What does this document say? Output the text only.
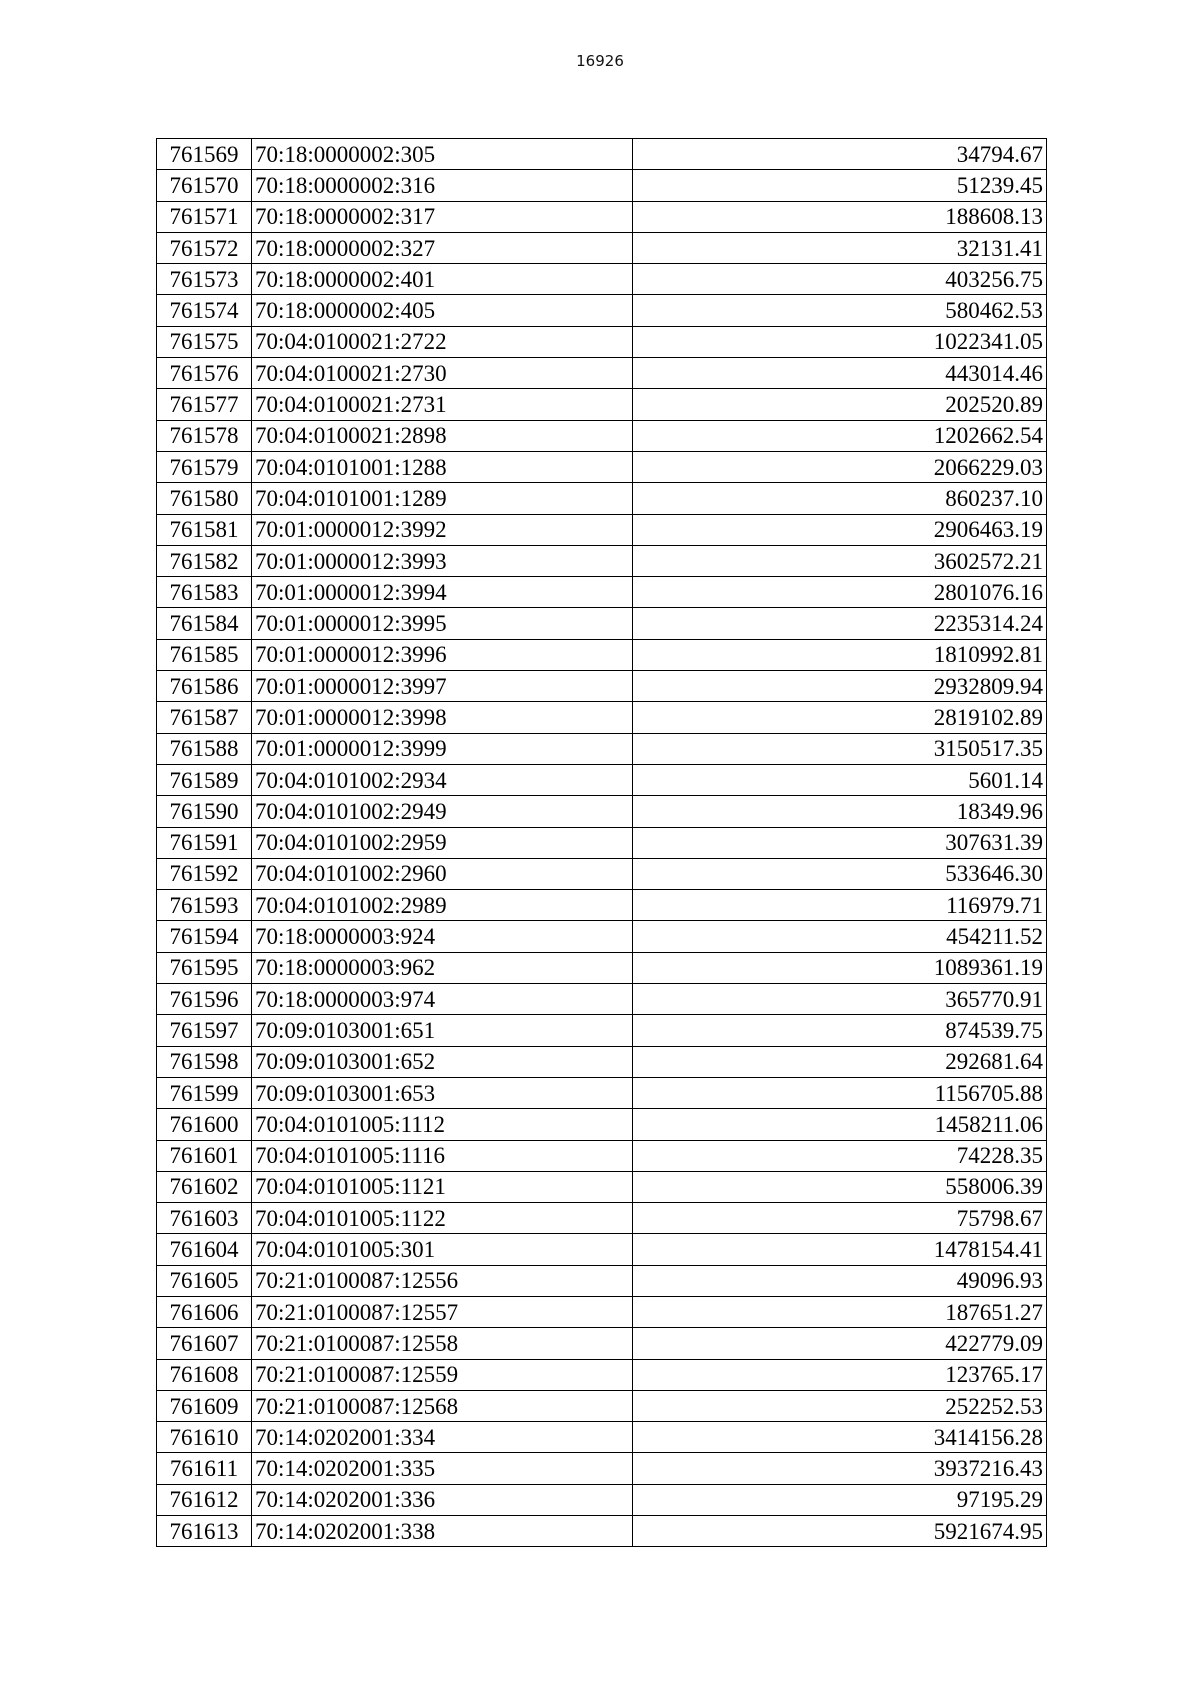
16926
761569	70:18:0000002:305	34794.67
761570	70:18:0000002:316	51239.45
761571	70:18:0000002:317	188608.13
761572	70:18:0000002:327	32131.41
761573	70:18:0000002:401	403256.75
761574	70:18:0000002:405	580462.53
761575	70:04:0100021:2722	1022341.05
761576	70:04:0100021:2730	443014.46
761577	70:04:0100021:2731	202520.89
761578	70:04:0100021:2898	1202662.54
761579	70:04:0101001:1288	2066229.03
761580	70:04:0101001:1289	860237.10
761581	70:01:0000012:3992	2906463.19
761582	70:01:0000012:3993	3602572.21
761583	70:01:0000012:3994	2801076.16
761584	70:01:0000012:3995	2235314.24
761585	70:01:0000012:3996	1810992.81
761586	70:01:0000012:3997	2932809.94
761587	70:01:0000012:3998	2819102.89
761588	70:01:0000012:3999	3150517.35
761589	70:04:0101002:2934	5601.14
761590	70:04:0101002:2949	18349.96
761591	70:04:0101002:2959	307631.39
761592	70:04:0101002:2960	533646.30
761593	70:04:0101002:2989	116979.71
761594	70:18:0000003:924	454211.52
761595	70:18:0000003:962	1089361.19
761596	70:18:0000003:974	365770.91
761597	70:09:0103001:651	874539.75
761598	70:09:0103001:652	292681.64
761599	70:09:0103001:653	1156705.88
761600	70:04:0101005:1112	1458211.06
761601	70:04:0101005:1116	74228.35
761602	70:04:0101005:1121	558006.39
761603	70:04:0101005:1122	75798.67
761604	70:04:0101005:301	1478154.41
761605	70:21:0100087:12556	49096.93
761606	70:21:0100087:12557	187651.27
761607	70:21:0100087:12558	422779.09
761608	70:21:0100087:12559	123765.17
761609	70:21:0100087:12568	252252.53
761610	70:14:0202001:334	3414156.28
761611	70:14:0202001:335	3937216.43
761612	70:14:0202001:336	97195.29
761613	70:14:0202001:338	5921674.95
